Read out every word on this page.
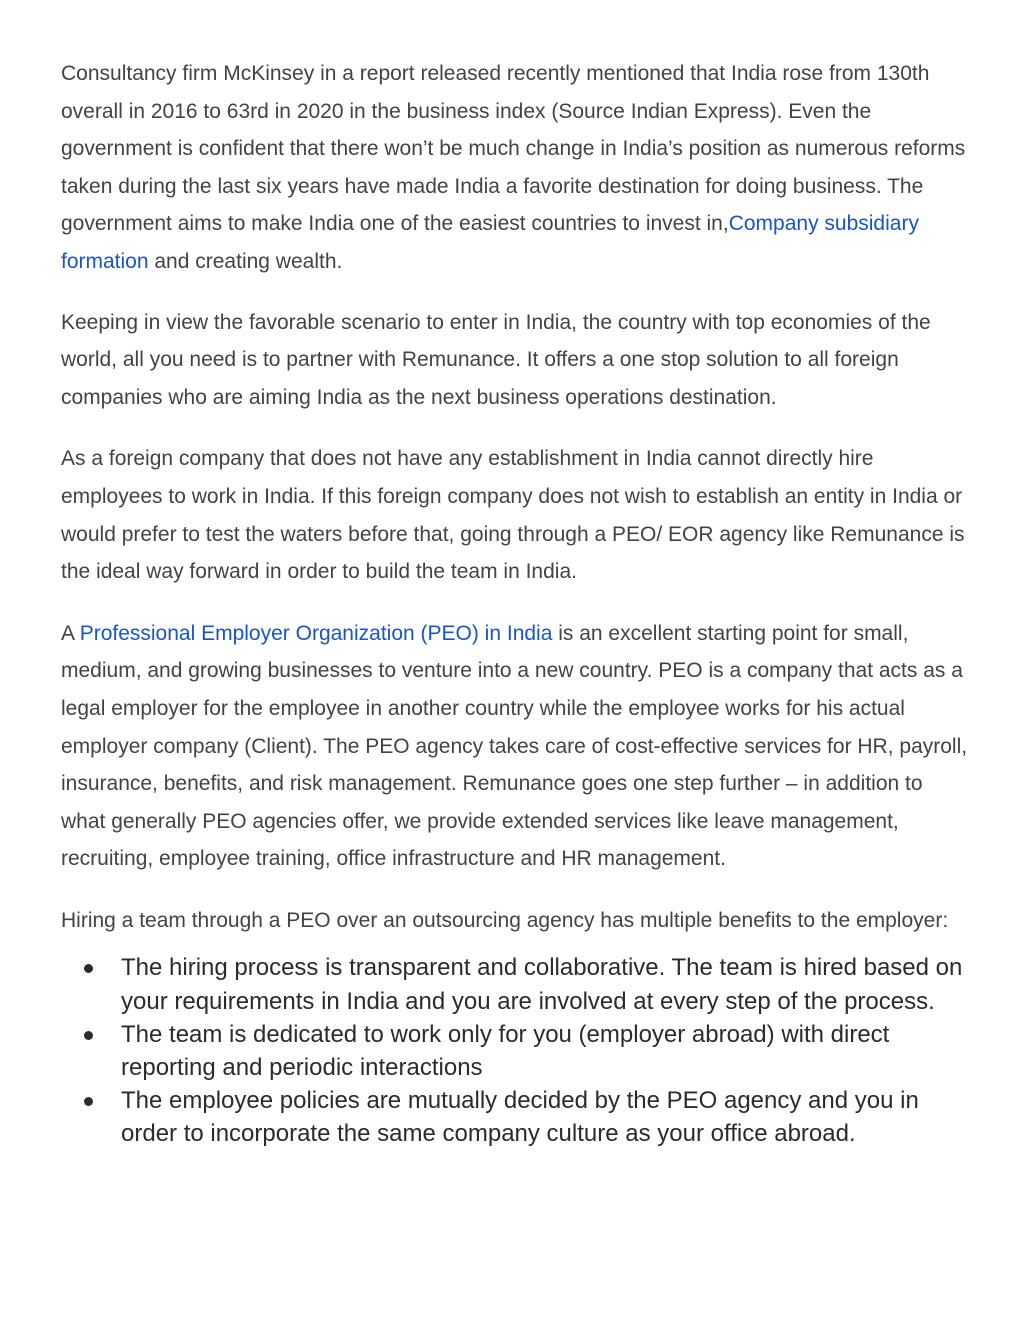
Consultancy firm McKinsey in a report released recently mentioned that India rose from 130th overall in 2016 to 63rd in 2020 in the business index (Source Indian Express). Even the government is confident that there won’t be much change in India’s position as numerous reforms taken during the last six years have made India a favorite destination for doing business. The government aims to make India one of the easiest countries to invest in,Company subsidiary formation and creating wealth.

Keeping in view the favorable scenario to enter in India, the country with top economies of the world, all you need is to partner with Remunance. It offers a one stop solution to all foreign companies who are aiming India as the next business operations destination.

As a foreign company that does not have any establishment in India cannot directly hire employees to work in India. If this foreign company does not wish to establish an entity in India or would prefer to test the waters before that, going through a PEO/ EOR agency like Remunance is the ideal way forward in order to build the team in India.

A Professional Employer Organization (PEO) in India is an excellent starting point for small, medium, and growing businesses to venture into a new country. PEO is a company that acts as a legal employer for the employee in another country while the employee works for his actual employer company (Client). The PEO agency takes care of cost-effective services for HR, payroll, insurance, benefits, and risk management. Remunance goes one step further – in addition to what generally PEO agencies offer, we provide extended services like leave management, recruiting, employee training, office infrastructure and HR management.

Hiring a team through a PEO over an outsourcing agency has multiple benefits to the employer:

The hiring process is transparent and collaborative. The team is hired based on your requirements in India and you are involved at every step of the process.
The team is dedicated to work only for you (employer abroad) with direct reporting and periodic interactions
The employee policies are mutually decided by the PEO agency and you in order to incorporate the same company culture as your office abroad.
